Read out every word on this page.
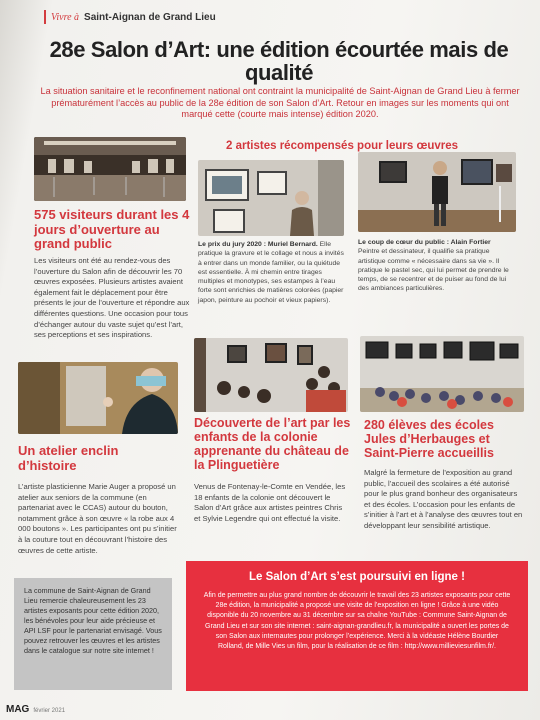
Vivre à Saint-Aignan de Grand Lieu
28e Salon d’Art: une édition écourtée mais de qualité

La situation sanitaire et le reconfinement national ont contraint la municipalité de Saint-Aignan de Grand Lieu à fermer prématurément l’accès au public de la 28e édition de son Salon d’Art. Retour en images sur les moments qui ont marqué cette (courte mais intense) édition 2020.

575 visiteurs durant les 4 jours d’ouverture au grand public

Les visiteurs ont été au rendez-vous des l’ouverture du Salon afin de découvrir les 70 œuvres exposées. Plusieurs artistes avaient également fait le déplacement pour être présents le jour de l’ouverture et répondre aux différentes questions. Une occasion pour tous d’échanger autour du vaste sujet qu’est l’art, ses perceptions et ses inspirations.

2 artistes récompensés pour leurs œuvres
Le prix du jury 2020 : Muriel Bernard. Elle pratique la gravure et le collage et nous a invités à entrer dans un monde familier, ou la quiétude est essentielle. À mi chemin entre tirages multiples et monotypes, ses estampes à l’eau forte sont enrichies de matières colorées (papier japon, peinture au pochoir et vieux papiers).
Le coup de cœur du public : Alain Fortier
Peintre et dessinateur, il qualifie sa pratique artistique comme « nécessaire dans sa vie ». Il pratique le pastel sec, qui lui permet de prendre le temps, de se recentrer et de puiser au fond de lui des ambiances particulières.
Un atelier enclin d’histoire

L’artiste plasticienne Marie Auger a proposé un atelier aux seniors de la commune (en partenariat avec le CCAS) autour du bouton, notamment grâce à son œuvre « la robe aux 4 000 boutons ». Les participantes ont pu s’initier à la couture tout en découvrant l’histoire des œuvres de cette artiste.

Découverte de l’art par les enfants de la colonie apprenante du château de la Plinguetière

Venus de Fontenay-le-Comte en Vendée, les 18 enfants de la colonie ont découvert le Salon d’Art grâce aux artistes peintres Chris et Sylvie Legendre qui ont effectué la visite.

280 élèves des écoles Jules d’Herbauges et Saint-Pierre accueillis

Malgré la fermeture de l’exposition au grand public, l’accueil des scolaires a été autorisé pour le plus grand bonheur des organisateurs et des écoles. L’occasion pour les enfants de s’initier à l’art et à l’analyse des œuvres tout en développant leur sensibilité artistique.

La commune de Saint-Aignan de Grand Lieu remercie chaleureusement les 23 artistes exposants pour cette édition 2020, les bénévoles pour leur aide précieuse et API LSF pour le partenariat envisagé. Vous pouvez retrouver les œuvres et les artistes dans le catalogue sur notre site internet !

Le Salon d’Art s’est poursuivi en ligne !

Afin de permettre au plus grand nombre de découvrir le travail des 23 artistes exposants pour cette 28e édition, la municipalité a proposé une visite de l’exposition en ligne ! Grâce à une vidéo disponible du 20 novembre au 31 décembre sur sa chaîne YouTube : Commune Saint-Aignan de Grand Lieu et sur son site internet : saint-aignan-grandlieu.fr, la municipalité a ouvert les portes de son Salon aux internautes pour prolonger l’expérience. Merci à la vidéaste Hélène Bourdier Rolland, de Mille Vies un film, pour la réalisation de ce film : http://www.millieviesunfilm.fr/.

MAG février 2021
